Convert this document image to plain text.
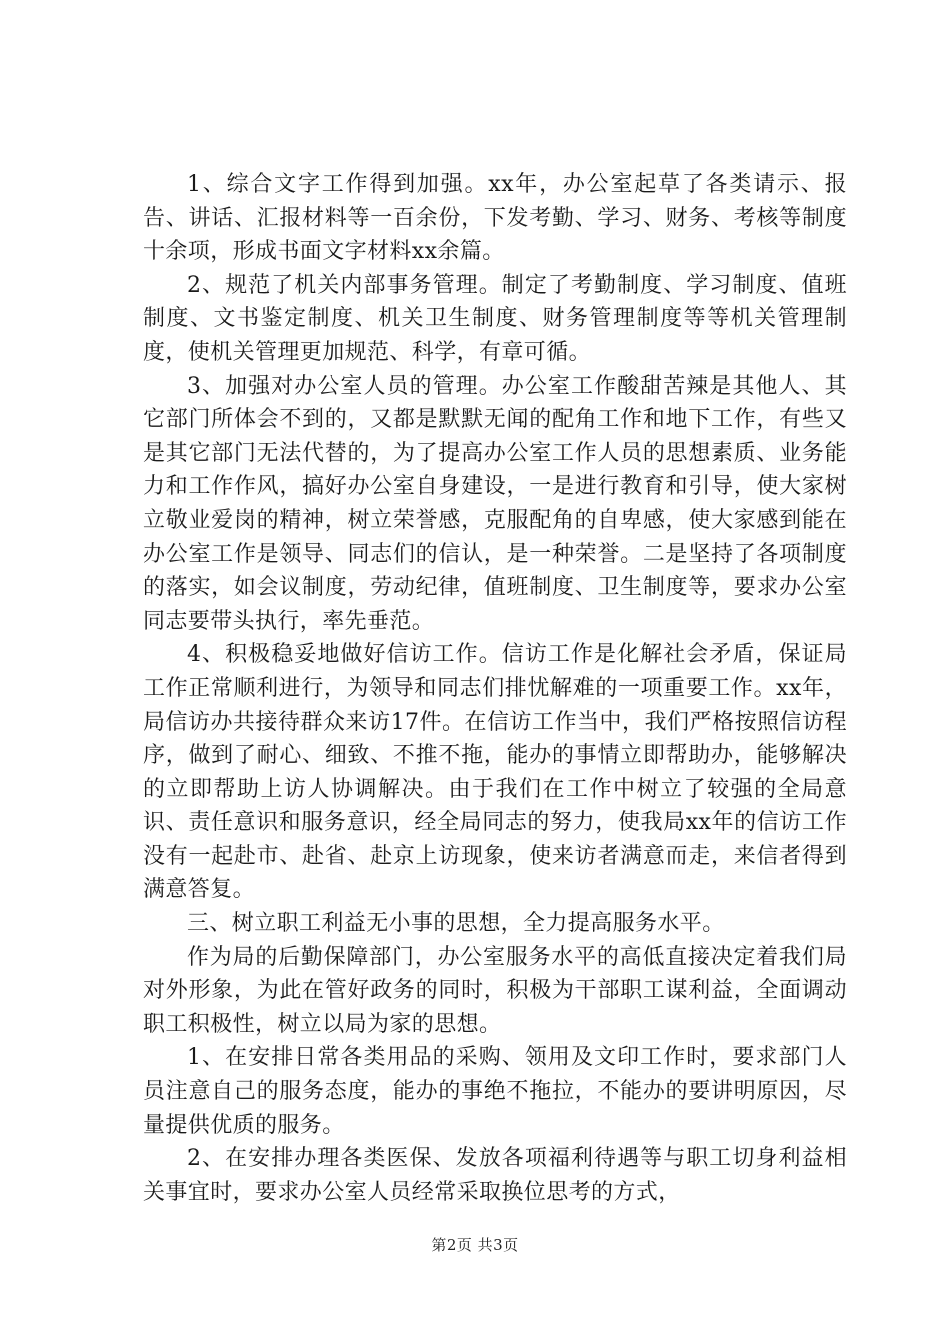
1、综合文字工作得到加强。xx年，办公室起草了各类请示、报告、讲话、汇报材料等一百余份，下发考勤、学习、财务、考核等制度十余项，形成书面文字材料xx余篇。

2、规范了机关内部事务管理。制定了考勤制度、学习制度、值班制度、文书鉴定制度、机关卫生制度、财务管理制度等等机关管理制度，使机关管理更加规范、科学，有章可循。

3、加强对办公室人员的管理。办公室工作酸甜苦辣是其他人、其它部门所体会不到的，又都是默默无闻的配角工作和地下工作，有些又是其它部门无法代替的，为了提高办公室工作人员的思想素质、业务能力和工作作风，搞好办公室自身建设，一是进行教育和引导，使大家树立敬业爱岗的精神，树立荣誉感，克服配角的自卑感，使大家感到能在办公室工作是领导、同志们的信认，是一种荣誉。二是坚持了各项制度的落实，如会议制度，劳动纪律，值班制度、卫生制度等，要求办公室同志要带头执行，率先垂范。

4、积极稳妥地做好信访工作。信访工作是化解社会矛盾，保证局工作正常顺利进行，为领导和同志们排忧解难的一项重要工作。xx年，局信访办共接待群众来访17件。在信访工作当中，我们严格按照信访程序，做到了耐心、细致、不推不拖，能办的事情立即帮助办，能够解决的立即帮助上访人协调解决。由于我们在工作中树立了较强的全局意识、责任意识和服务意识，经全局同志的努力，使我局xx年的信访工作没有一起赴市、赴省、赴京上访现象，使来访者满意而走，来信者得到满意答复。

三、树立职工利益无小事的思想，全力提高服务水平。

作为局的后勤保障部门，办公室服务水平的高低直接决定着我们局对外形象，为此在管好政务的同时，积极为干部职工谋利益，全面调动职工积极性，树立以局为家的思想。

1、在安排日常各类用品的采购、领用及文印工作时，要求部门人员注意自己的服务态度，能办的事绝不拖拉，不能办的要讲明原因，尽量提供优质的服务。

2、在安排办理各类医保、发放各项福利待遇等与职工切身利益相关事宜时，要求办公室人员经常采取换位思考的方式，

第2页 共3页
